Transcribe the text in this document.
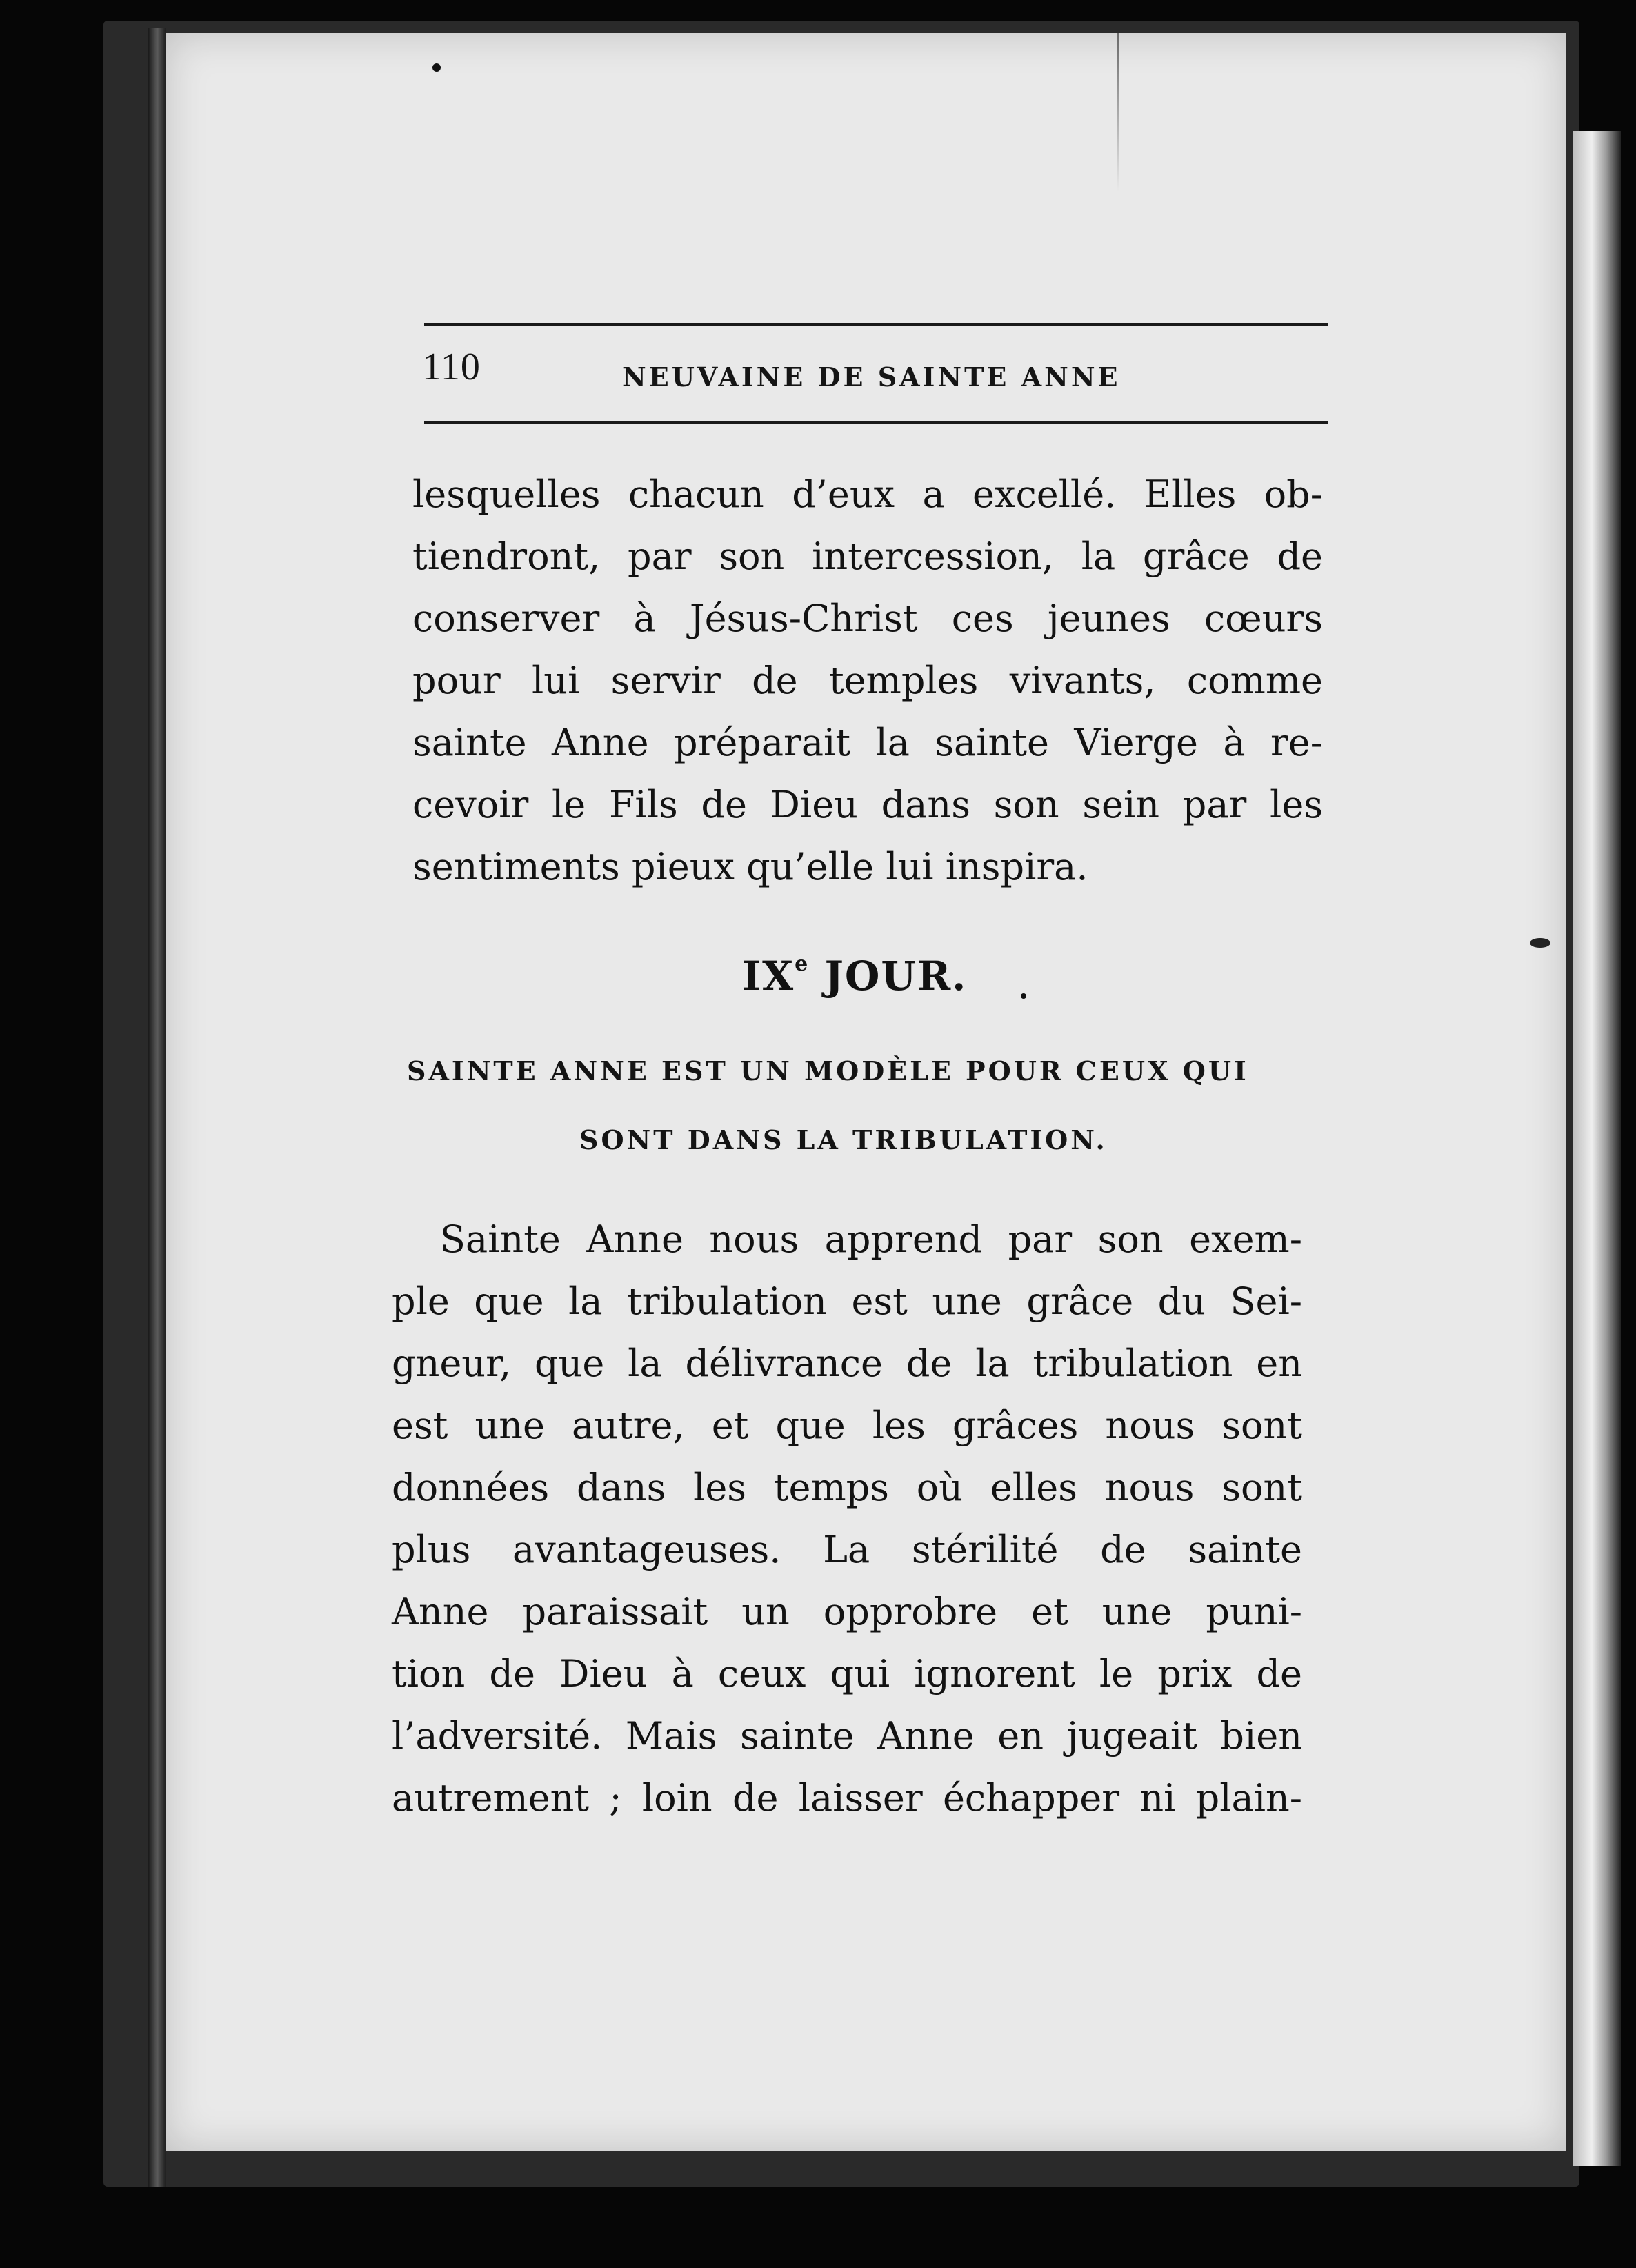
110	NEUVAINE DE SAINTE ANNE
lesquelles chacun d’eux a excellé. Elles ob-
tiendront, par son intercession, la grâce de
conserver à Jésus-Christ ces jeunes cœurs
pour lui servir de temples vivants, comme
sainte Anne préparait la sainte Vierge à re-
cevoir le Fils de Dieu dans son sein par les
sentiments pieux qu’elle lui inspira.
IXe JOUR.
SAINTE ANNE EST UN MODÈLE POUR CEUX QUI
SONT DANS LA TRIBULATION.
Sainte Anne nous apprend par son exem-
ple que la tribulation est une grâce du Sei-
gneur, que la délivrance de la tribulation en
est une autre, et que les grâces nous sont
données dans les temps où elles nous sont
plus avantageuses. La stérilité de sainte
Anne paraissait un opprobre et une puni-
tion de Dieu à ceux qui ignorent le prix de
l’adversité. Mais sainte Anne en jugeait bien
autrement ; loin de laisser échapper ni plain-
